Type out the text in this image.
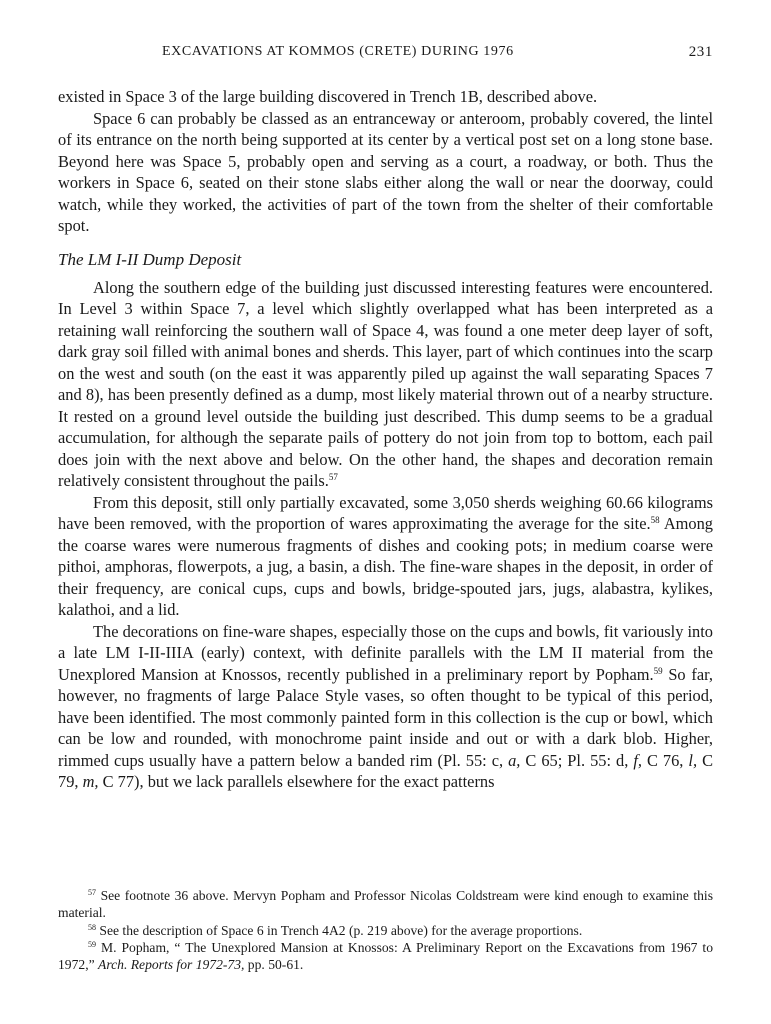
EXCAVATIONS AT KOMMOS (CRETE) DURING 1976	231

existed in Space 3 of the large building discovered in Trench 1B, described above.

Space 6 can probably be classed as an entranceway or anteroom, probably covered, the lintel of its entrance on the north being supported at its center by a vertical post set on a long stone base. Beyond here was Space 5, probably open and serving as a court, a roadway, or both. Thus the workers in Space 6, seated on their stone slabs either along the wall or near the doorway, could watch, while they worked, the activities of part of the town from the shelter of their comfortable spot.

The LM I-II Dump Deposit

Along the southern edge of the building just discussed interesting features were encountered. In Level 3 within Space 7, a level which slightly overlapped what has been interpreted as a retaining wall reinforcing the southern wall of Space 4, was found a one meter deep layer of soft, dark gray soil filled with animal bones and sherds. This layer, part of which continues into the scarp on the west and south (on the east it was apparently piled up against the wall separating Spaces 7 and 8), has been presently defined as a dump, most likely material thrown out of a nearby structure. It rested on a ground level outside the building just described. This dump seems to be a gradual accumulation, for although the separate pails of pottery do not join from top to bottom, each pail does join with the next above and below. On the other hand, the shapes and decoration remain relatively consistent throughout the pails.$^{57}$

From this deposit, still only partially excavated, some 3,050 sherds weighing 60.66 kilograms have been removed, with the proportion of wares approximating the average for the site.$^{58}$ Among the coarse wares were numerous fragments of dishes and cooking pots; in medium coarse were pithoi, amphoras, flowerpots, a jug, a basin, a dish. The fine-ware shapes in the deposit, in order of their frequency, are conical cups, cups and bowls, bridge-spouted jars, jugs, alabastra, kylikes, kalathoi, and a lid.

The decorations on fine-ware shapes, especially those on the cups and bowls, fit variously into a late LM I-II-IIIA (early) context, with definite parallels with the LM II material from the Unexplored Mansion at Knossos, recently published in a preliminary report by Popham.$^{59}$ So far, however, no fragments of large Palace Style vases, so often thought to be typical of this period, have been identified. The most commonly painted form in this collection is the cup or bowl, which can be low and rounded, with monochrome paint inside and out or with a dark blob. Higher, rimmed cups usually have a pattern below a banded rim (Pl. 55: c, a, C 65; Pl. 55: d, f, C 76, l, C 79, m, C 77), but we lack parallels elsewhere for the exact patterns

$^{57}$ See footnote 36 above. Mervyn Popham and Professor Nicolas Coldstream were kind enough to examine this material.

$^{58}$ See the description of Space 6 in Trench 4A2 (p. 219 above) for the average proportions.

$^{59}$ M. Popham, “ The Unexplored Mansion at Knossos: A Preliminary Report on the Excavations from 1967 to 1972,” Arch. Reports for 1972-73, pp. 50-61.
